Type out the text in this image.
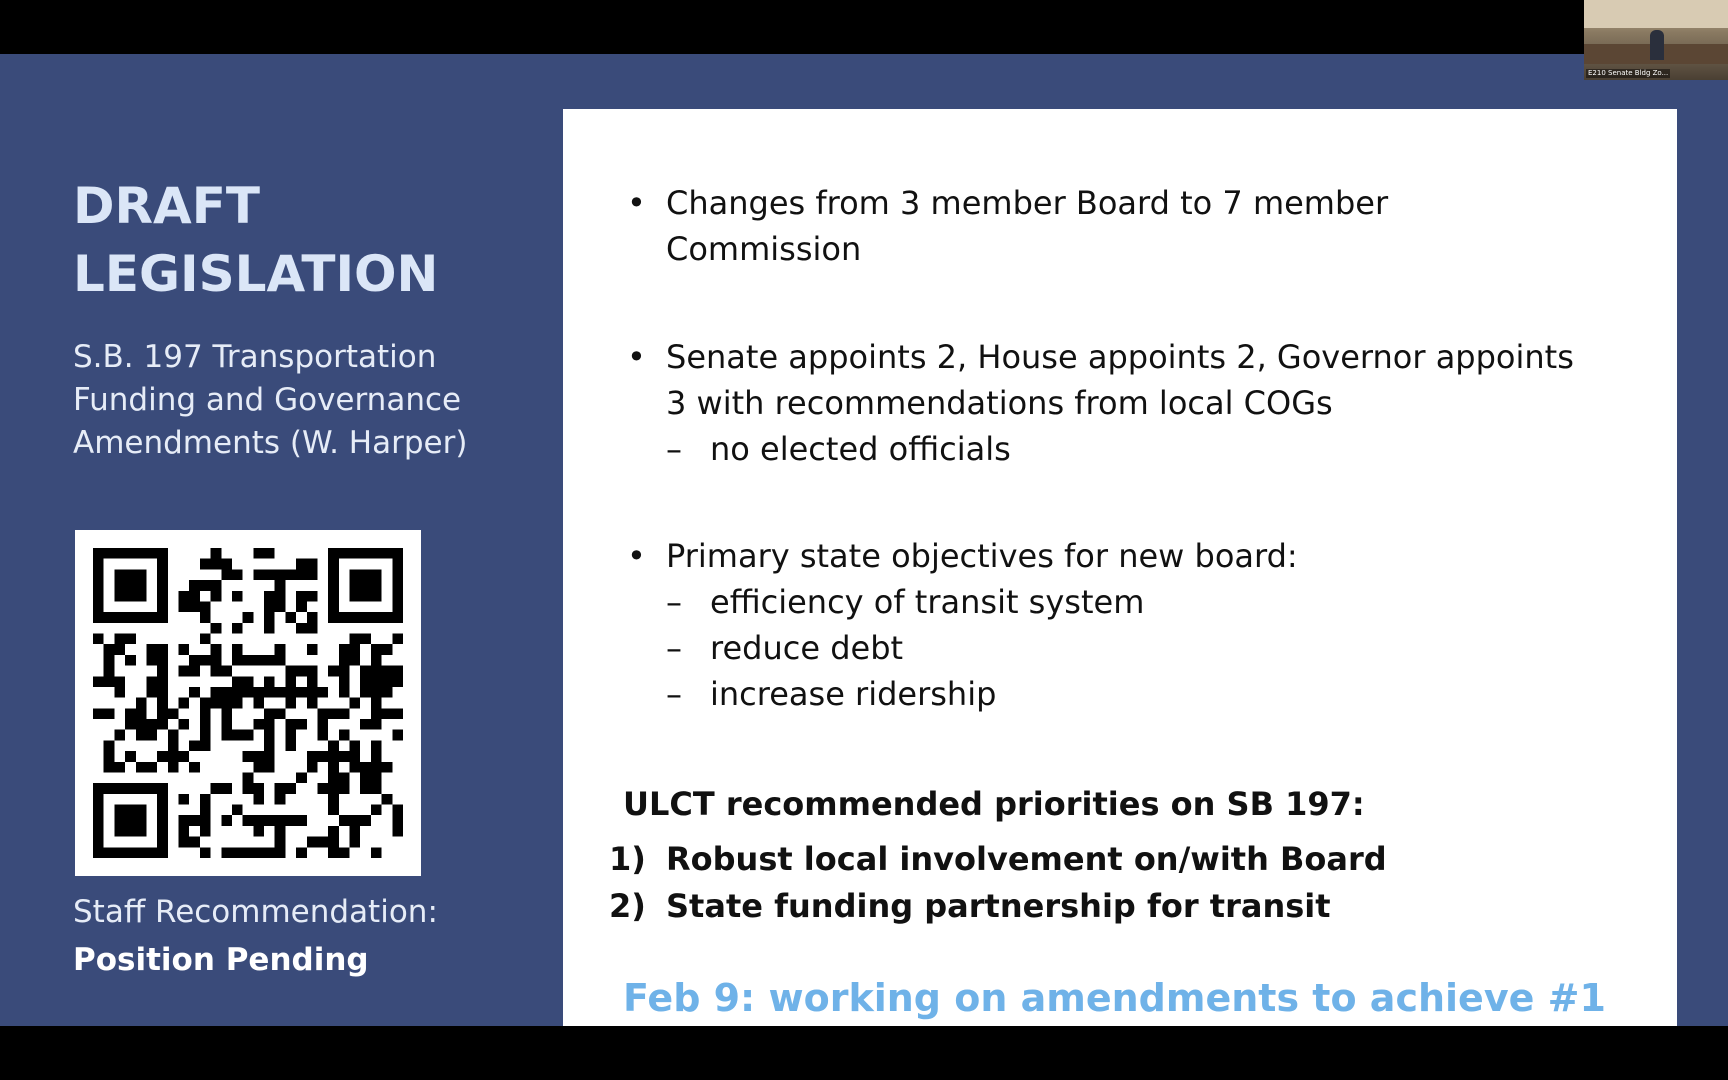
DRAFT
LEGISLATION
S.B. 197 Transportation
Funding and Governance
Amendments (W. Harper)
Staff Recommendation:
Position Pending
• Changes from 3 member Board to 7 member
Commission
• Senate appoints 2, House appoints 2, Governor appoints
3 with recommendations from local COGs
– no elected officials
• Primary state objectives for new board:
– efficiency of transit system
– reduce debt
– increase ridership
ULCT recommended priorities on SB 197:
1) Robust local involvement on/with Board
2) State funding partnership for transit
Feb 9: working on amendments to achieve #1
E210 Senate Bldg Zo...
